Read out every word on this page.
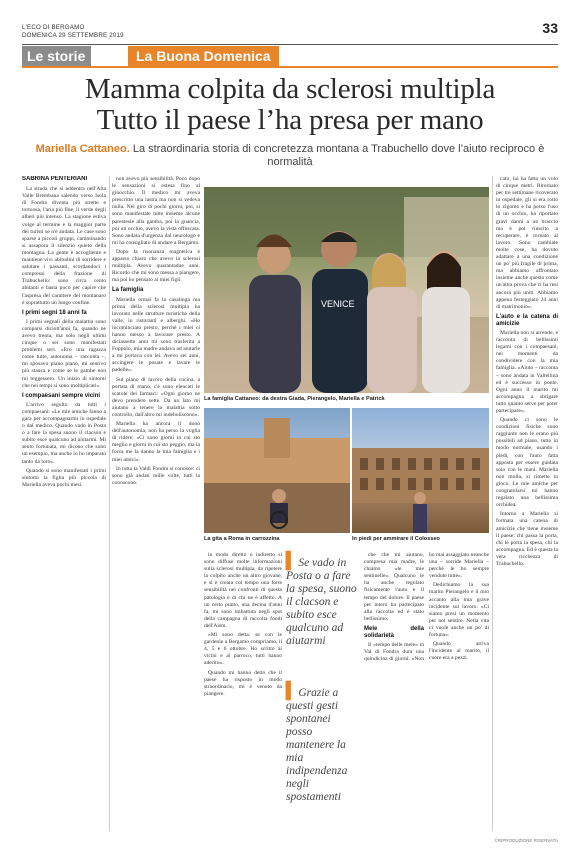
L'ECO DI BERGAMO
DOMENICA 29 SETTEMBRE 2019	33
Le storie	La Buona Domenica
Mamma colpita da sclerosi multipla
Tutto il paese l’ha presa per mano
Mariella Cattaneo. La straordinaria storia di concretezza montana a Trabuchello dove l’aiuto reciproco è normalità
SABRINA PENTERIANI

La strada che si addentra nell'Alta Valle Brembana salendo verso Isola di Fondra diventa più strette e tortuosa, l'aria più fine, il verde degli alberi più intenso. La stagione estiva volge al termine e la maggior parte dei turisti se n'è andata. Le case sono sparse a piccoli gruppi, camminando si assapora il silenzio quieto della montagna. La gente è accogliente e mantiene vivi abitudini di sorridere e salutare i passanti, scordandoci i compressi della frazione di Trabuchello: sono circa cento abitanti e basta poco per capire che l'aspresa del carattere del montanaro è soprattutto un lungo confine.

I primi segni 18 anni fa

I primi segnali della malattia sono comparsi diciott'anni fa, quando ne avevo trenta, ma solo negli ultimi cinque o sei sono manifestati problemi seri. «Ero una ragazza come tutte, autonoma – racconta –, mi sposavo piano piano, mi sentivo più stanca e come se le gambe non mi reggessero. Un inizio di sintomi che nei tempi si sono moltiplicati».

I compaesani sempre vicini

L'arrivo seguito da tutti i compaesani: «Le mie amiche fanno a gara per accompagnarmi in ospedale o dal medico. Quando vado in Posta o a fare la spesa suono il clacson e subito esce qualcuno ad aiutarmi. Mi sento fortunata, mi dicono che sono un esempio, ma anche io ho imparato tanto da loro».

Quando si sono manifestati i primi sintomi la figlia più piccola di Mariella aveva pochi mesi.

non avevo più sensibilità. Poco dopo le sensazioni si estesa fino al ginocchio. Il medico mi aveva prescritto una lastra ma non si vedeva nulla. Nel giro di pochi giorni, poi, si sono manifestate tutte insieme alcune parestesie alla gamba, poi la guancia, poi un occhio, avevo la vista offuscata. Sono andata d'urgenza dal neurologo e mi ha consigliato di andare a Bergamo.

Dopo la risonanza magnetica è apparso chiaro che avevo la sclerosi multipla. Avevo quarantadue anni. Ricordo che mi sono messa a piangere, ma poi ho pensato ai miei figli.

La famiglia

Mariella ormai fa la casalinga ma prima della sclerosi multipla ha lavorato nelle strutture turistiche della valle, in ristoranti e alberghi. «Ho incominciato presto, perché i miei ci hanno messo a lavorare presto. A diciassette anni mi sono trasferita a Foppolo, mia madre andava ad aiutarle a mi portava con lei. Avevo sei anni, accingere le posate e lavare le padelle».

Sul piano di lavoro della cucina, a portata di mano, c'è sono elencati le scatole dei farmaci: «Ogni giorno ne devo prendere sette. Da un lato mi aiutano a tenere la malattia sotto controllo, dall'altro mi indeboliscono».

Mariella ha ancora il dono dell'autonomia, non ha perso la voglia di ridere: «Ci sono giorni in cui sto meglio e giorni in cui sto peggio, ma la forza me la danno la mia famiglia e i miei amici».

In tutta la Valdi Fondra si conosce: ci sono già andati mille volte, tutti la conoscono.

VENICE
La famiglia Cattaneo: da destra Giada, Pierangelo, Mariella e Patrick

cato, lui ha fatto un volo di cinque metri. Ritornato per tre settimane ricoverato in ospedale, gli si era rotto lo zigomo e ha perso l'uso di un occhio, ha riportato gravi danni a un braccio ma è poi riuscito a recuperare, è tornato al lavoro. Sono cambiate molte cose, ha dovuto adattare a una condizione un po' più fragile di prima, ma abbiamo affrontato insieme anche questo come un'altra prova che ci ha resi ancora più uniti. Abbiamo appena festeggiato 24 anni di matrimonio».

L'auto e la catena di amicizie

Mariella non si arrende, e racconta di bellissimi legami con i compaesani, nei momenti da condividere con la mia famiglia. «Aiuto – racconta – sono andata in Valtellina ed è successo in ponte. Ogni anno il marito mi accompagna a sbrigare tutto quanto serve per poter partecipare».

Quando ci sono le condizioni fisiche sono raggiunte non le erano più possibili ad piano, tutto in modo normale, usando i piedi, con l'auto fatta apposta per essere guidata solo con le mani. Mariella non molla, si rimette in gioco. Le mie amiche per congratularsi mi hanno regalato una bellissima orchidea.

Intorno a Mariella si formata una catena di amicizie che tiene insieme il paese: chi passa la porta, chi le porta la spesa, chi la accompagna. Ed è questa la vera ricchezza di Trabuchello.

La gita a Roma in carrozzina	In piedi per ammirare il Colosseo

in modo diretto o indiretto si sono diffuse molte informazioni sulla sclerosi multipla, da ripetere la colpito anche un altro giovane, e si è creata col tempo una forte sensibilità nei confronti di questa patologia e di chi ne è affetto. A un certo punto, una decina d'anni fa, mi sono imbattuta negli spot della campagna di raccolta fondi dell'Aism.

«Mi sono detta: se con le gardenie a Bergamo compriamo, il 4, 5 e 6 ottobre. Ho scritto ai vicini e al parroco, tutti hanno aderito».

Quando mi hanno detto che il paese ha risposto in modo straordinario, mi è venuto da piangere.

▍Se vado in Posta o a fare la spesa, suono il clacson e subito esce qualcuno ad aiutarmi
▍Grazie a questi gesti spontanei posso mantenere la mia indipendenza negli spostamenti

che che mi aiutano, compresa mia madre, le chiamo «le mie sentinelle». Qualcuno le ha anche regolato fisicamente l'auto e il tempo del dolore. Il paese per intero ha partecipato alla raccolta ed è stato bellissimo.

Mele della solidarietà

Il «tempo delle mele» in Val di Fondra dura una quindicina di giorni. «Non ho mai assaggiato neanche una – sorride Mariella – perché le ho sempre vendute tutte».

Dedichiamo la sua marito Pierangelo e il mio accanto alla mia grave incidente sul lavoro. «Ci siamo presi un momento per noi sentire. Nella vita ci vuole anche un po' di fortuna».

Quando arriva l'incidente al marito, il cuore era a pezzi.

©RIPRODUZIONE RISERVATA
